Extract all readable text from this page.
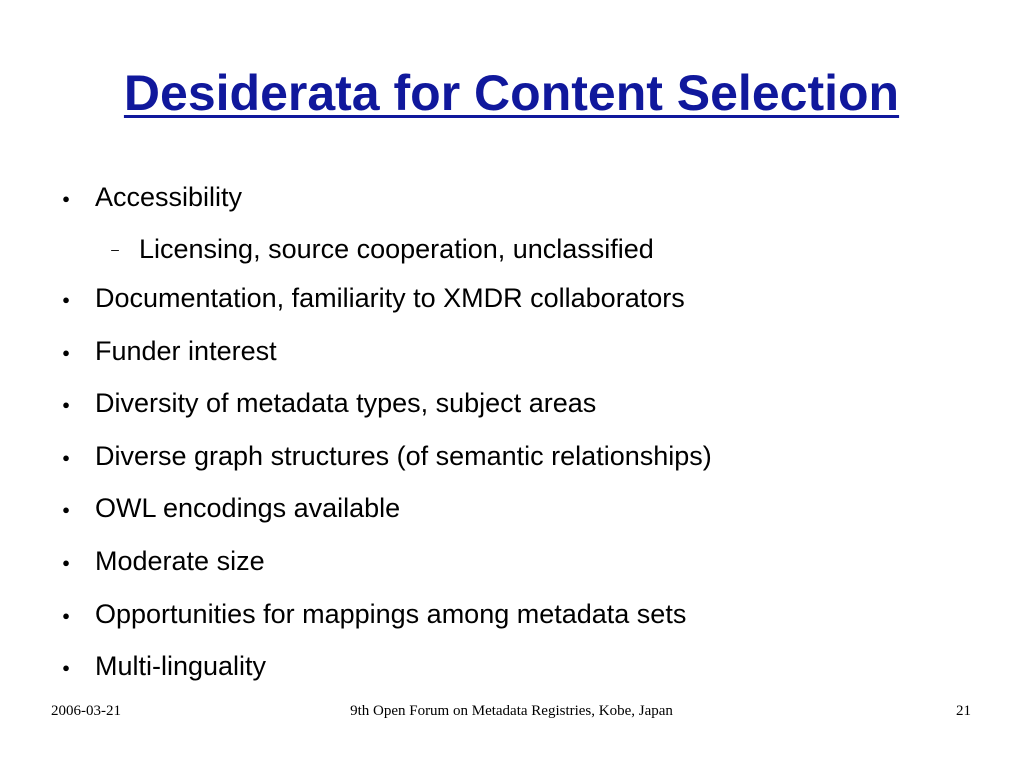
Desiderata for Content Selection
● Accessibility
– Licensing, source cooperation, unclassified
● Documentation, familiarity to XMDR collaborators
● Funder interest
● Diversity of metadata types, subject areas
● Diverse graph structures (of semantic relationships)
● OWL encodings available
● Moderate size
● Opportunities for mappings among metadata sets
● Multi-linguality
2006-03-21	9th Open Forum on Metadata Registries, Kobe, Japan	21
